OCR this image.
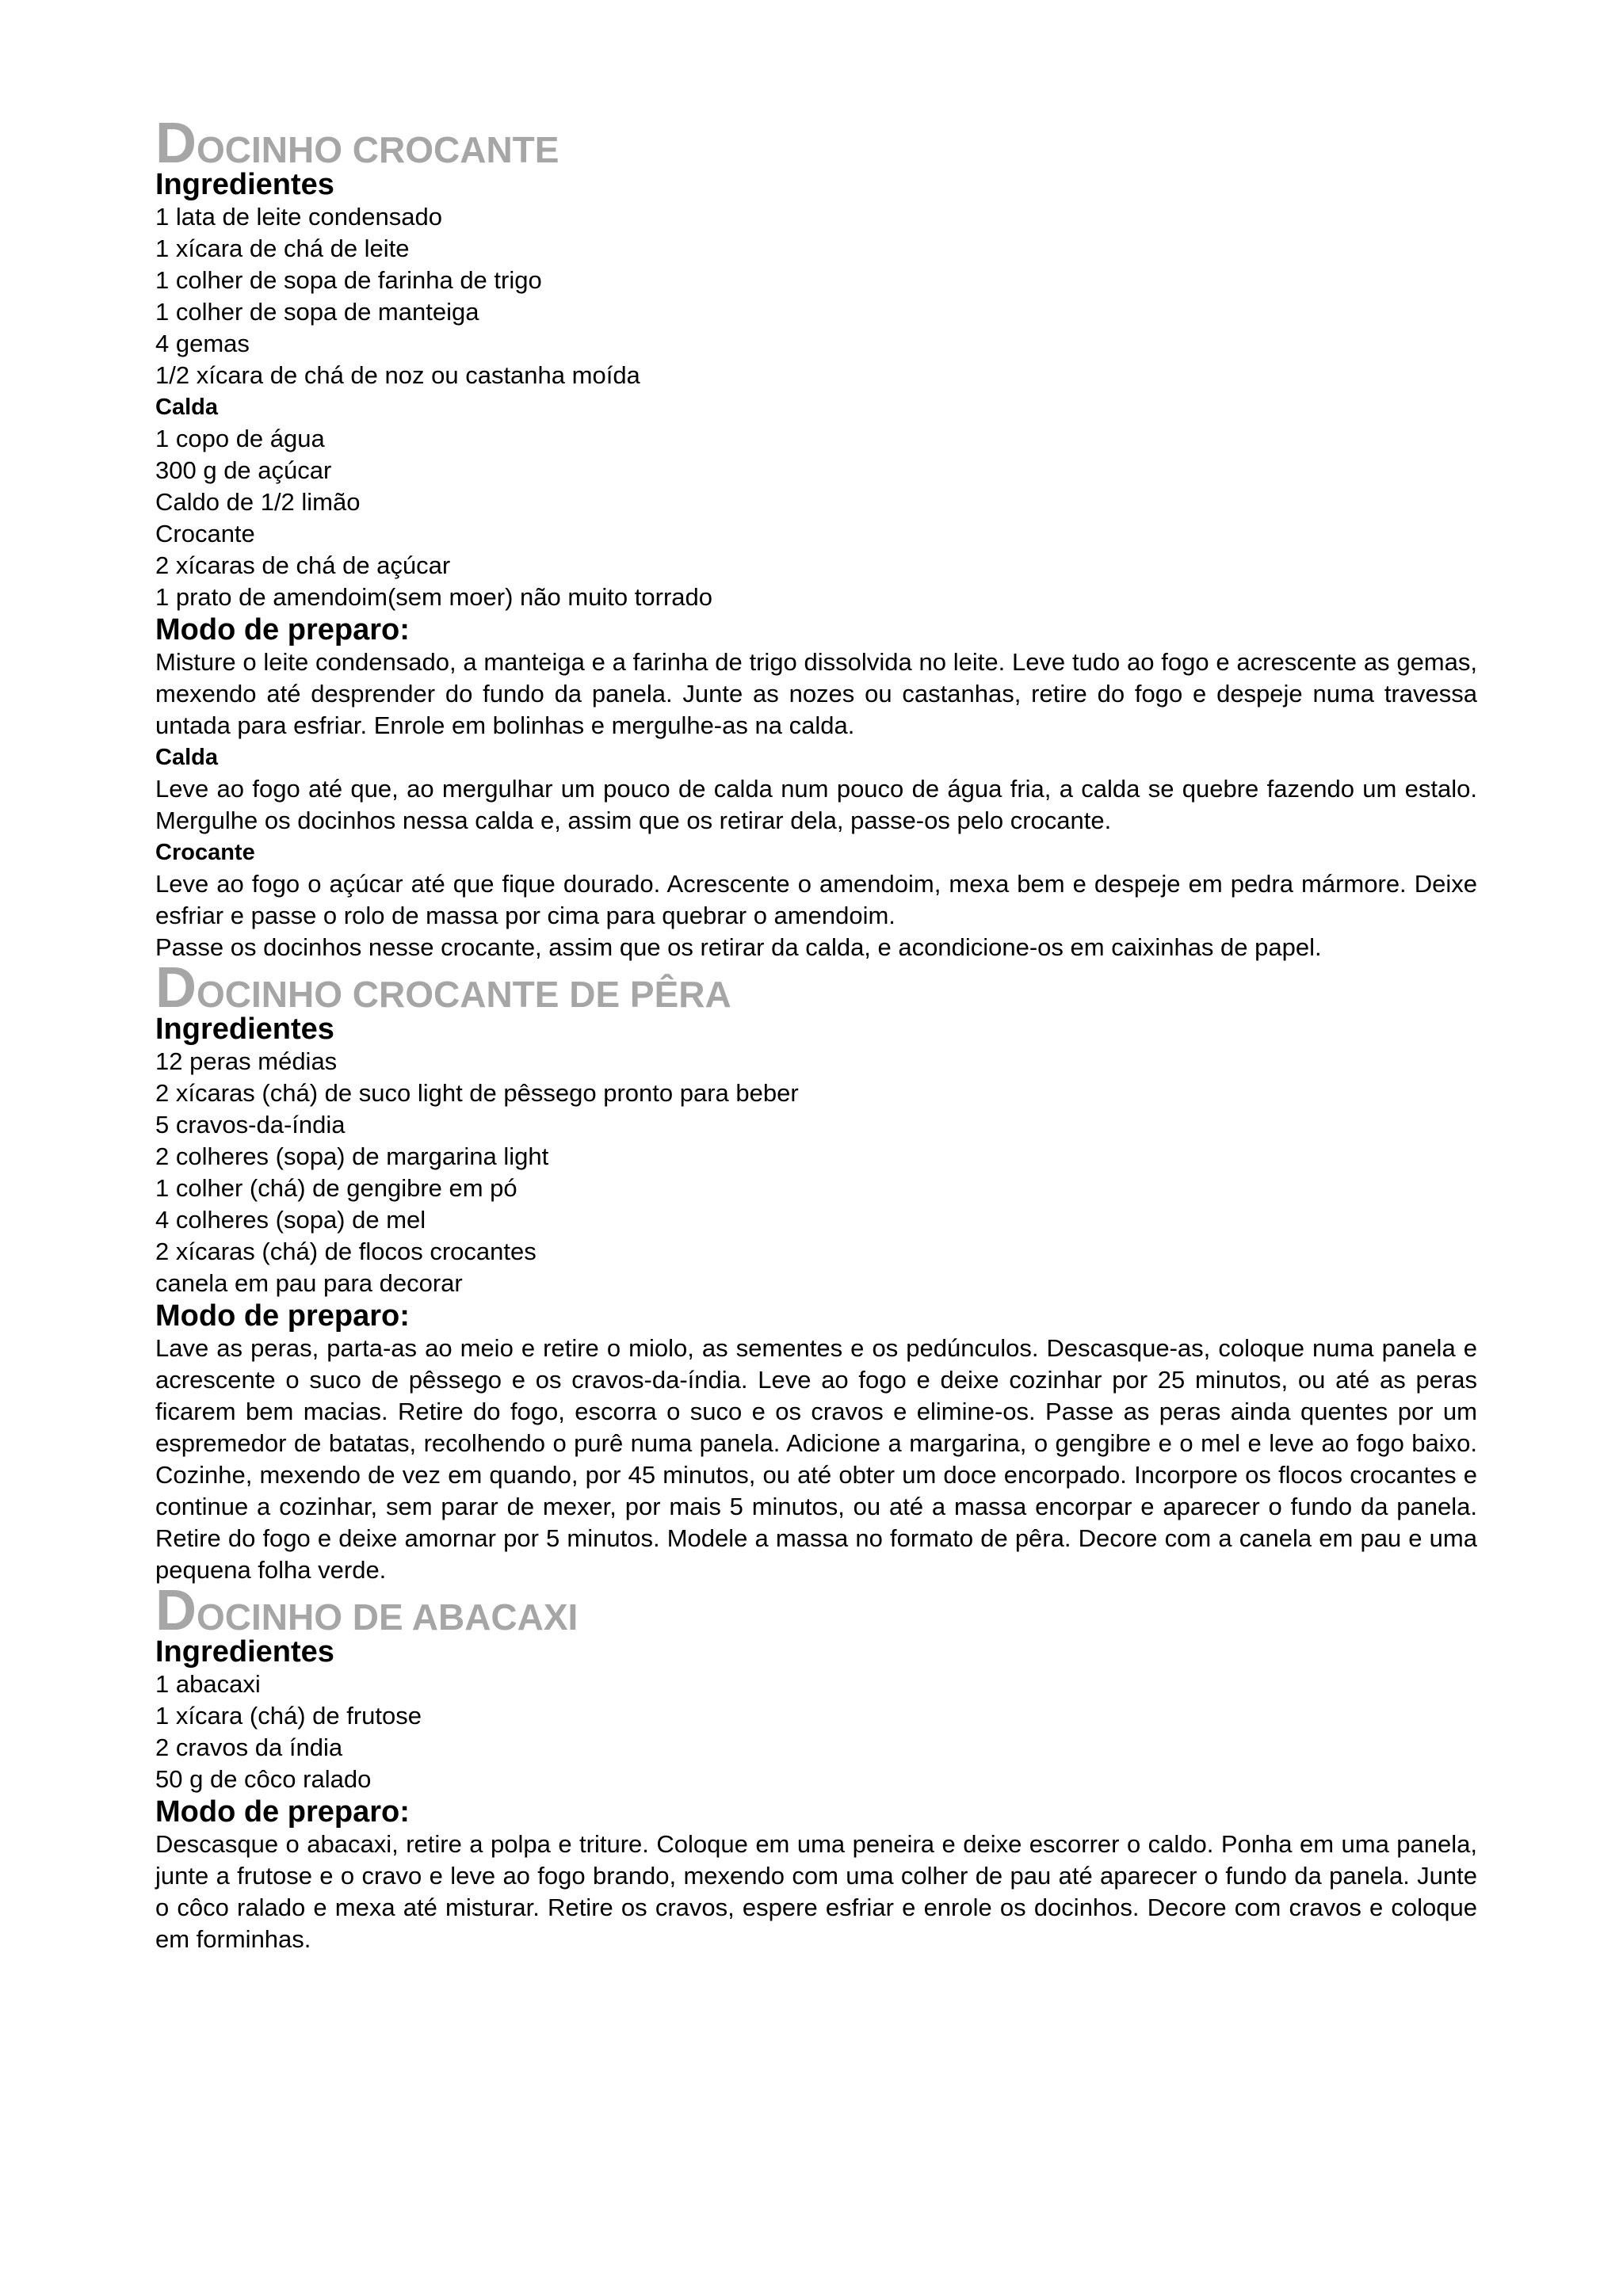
DOCINHO CROCANTE
Ingredientes
1 lata de leite condensado
1 xícara de chá de leite
1 colher de sopa de farinha de trigo
1 colher de sopa de manteiga
4 gemas
1/2 xícara de chá de noz ou castanha moída
Calda
1 copo de água
300 g de açúcar
Caldo de 1/2 limão
Crocante
2 xícaras de chá de açúcar
1 prato de amendoim(sem moer) não muito torrado
Modo de preparo:

Misture o leite condensado, a manteiga e a farinha de trigo dissolvida no leite. Leve tudo ao fogo e acrescente as gemas, mexendo até desprender do fundo da panela. Junte as nozes ou castanhas, retire do fogo e despeje numa travessa untada para esfriar. Enrole em bolinhas e mergulhe-as na calda.

Calda

Leve ao fogo até que, ao mergulhar um pouco de calda num pouco de água fria, a calda se quebre fazendo um estalo. Mergulhe os docinhos nessa calda e, assim que os retirar dela, passe-os pelo crocante.

Crocante

Leve ao fogo o açúcar até que fique dourado. Acrescente o amendoim, mexa bem e despeje em pedra mármore. Deixe esfriar e passe o rolo de massa por cima para quebrar o amendoim.

Passe os docinhos nesse crocante, assim que os retirar da calda, e acondicione-os em caixinhas de papel.

DOCINHO CROCANTE DE PÊRA
Ingredientes
12 peras médias
2 xícaras (chá) de suco light de pêssego pronto para beber
5 cravos-da-índia
2 colheres (sopa) de margarina light
1 colher (chá) de gengibre em pó
4 colheres (sopa) de mel
2 xícaras (chá) de flocos crocantes
canela em pau para decorar
Modo de preparo:

Lave as peras, parta-as ao meio e retire o miolo, as sementes e os pedúnculos. Descasque-as, coloque numa panela e acrescente o suco de pêssego e os cravos-da-índia. Leve ao fogo e deixe cozinhar por 25 minutos, ou até as peras ficarem bem macias. Retire do fogo, escorra o suco e os cravos e elimine-os. Passe as peras ainda quentes por um espremedor de batatas, recolhendo o purê numa panela. Adicione a margarina, o gengibre e o mel e leve ao fogo baixo. Cozinhe, mexendo de vez em quando, por 45 minutos, ou até obter um doce encorpado. Incorpore os flocos crocantes e continue a cozinhar, sem parar de mexer, por mais 5 minutos, ou até a massa encorpar e aparecer o fundo da panela. Retire do fogo e deixe amornar por 5 minutos. Modele a massa no formato de pêra. Decore com a canela em pau e uma pequena folha verde.

DOCINHO DE ABACAXI
Ingredientes
1 abacaxi
1 xícara (chá) de frutose
2 cravos da índia
50 g de côco ralado
Modo de preparo:

Descasque o abacaxi, retire a polpa e triture. Coloque em uma peneira e deixe escorrer o caldo. Ponha em uma panela, junte a frutose e o cravo e leve ao fogo brando, mexendo com uma colher de pau até aparecer o fundo da panela. Junte o côco ralado e mexa até misturar. Retire os cravos, espere esfriar e enrole os docinhos. Decore com cravos e coloque em forminhas.
